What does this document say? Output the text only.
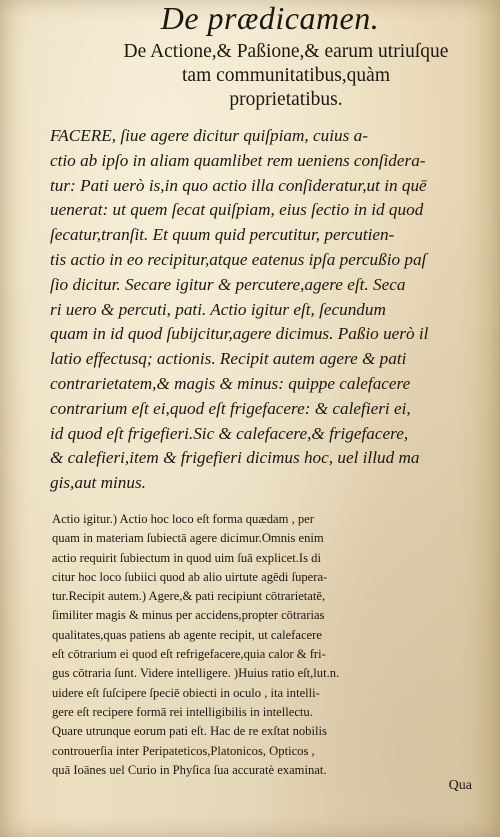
De prædicamen.
De Actione,& Paßione,& earum utriuſque
tam communitatibus,quàm
proprietatibus.
FACERE, ſiue agere dicitur quiſpiam, cuius a-
ctio ab ipſo in aliam quamlibet rem ueniens conſidera-
tur: Pati uerò is,in quo actio illa conſideratur,ut in quē
uenerat: ut quem ſecat quiſpiam, eius ſectio in id quod
ſecatur,tranſit. Et quum quid percutitur, percutien-
tis actio in eo recipitur,atque eatenus ipſa percußio paſ
ſio dicitur. Secare igitur & percutere,agere eſt. Seca
ri uero & percuti, pati. Actio igitur eſt, ſecundum
quam in id quod ſubijcitur,agere dicimus. Paßio uerò il
latio effectusq; actionis. Recipit autem agere & pati
contrarietatem,& magis & minus: quippe calefacere
contrarium eſt ei,quod eſt frigefacere: & calefieri ei,
id quod eſt frigefieri.Sic & calefacere,& frigefacere,
& calefieri,item & frigefieri dicimus hoc, uel illud ma
gis,aut minus.
Actio igitur.) Actio hoc loco eſt forma quædam , per
quam in materiam ſubiectā agere dicimur.Omnis enim
actio requirit ſubiectum in quod uim ſuā explicet.Is di
citur hoc loco ſubiici quod ab alio uirtute agēdi ſupera-
tur.Recipit autem.) Agere,& pati recipiunt cōtrarietatē,
ſimiliter magis & minus per accidens,propter cōtrarias
qualitates,quas patiens ab agente recipit, ut calefacere
eſt cōtrarium ei quod eſt refrigefacere,quia calor & fri-
gus cōtraria ſunt. Videre intelligere. )Huius ratio eſt,lut.n.
uidere eſt ſuſcipere ſpeciē obiecti in oculo , ita intelli-
gere eſt recipere formā rei intelligibilis in intellectu.
Quare utrunque eorum pati eſt. Hac de re exſtat nobilis
controuerſia inter Peripateticos,Platonicos, Opticos ,
quā Ioānes uel Curio in Phyſica ſua accuratè examinat.
Qua
